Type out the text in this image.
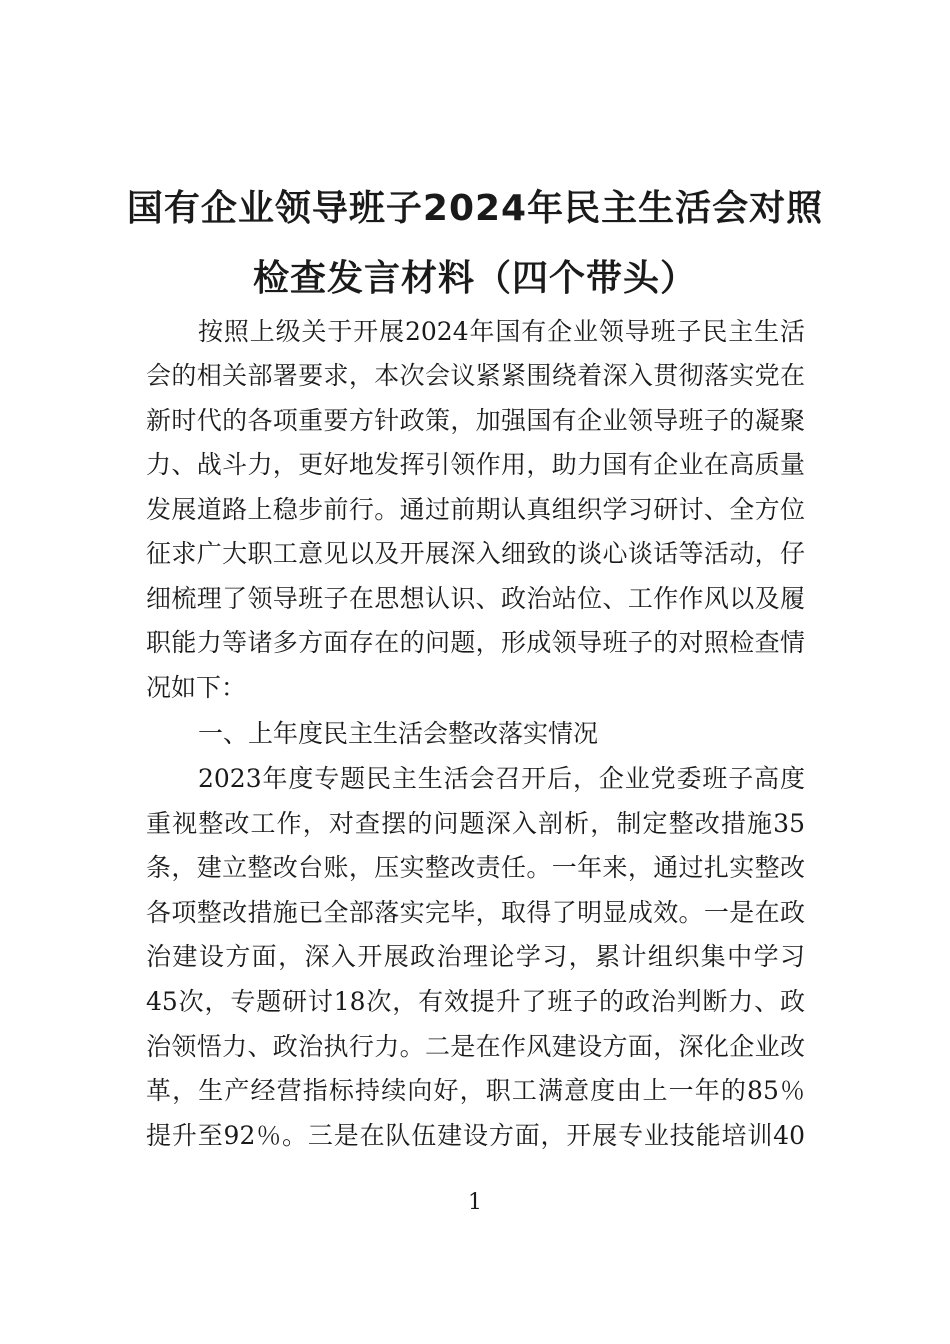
国有企业领导班子2024年民主生活会对照
检查发言材料（四个带头）
按照上级关于开展2024年国有企业领导班子民主生活
会的相关部署要求，本次会议紧紧围绕着深入贯彻落实党在
新时代的各项重要方针政策，加强国有企业领导班子的凝聚
力、战斗力，更好地发挥引领作用，助力国有企业在高质量
发展道路上稳步前行。通过前期认真组织学习研讨、全方位
征求广大职工意见以及开展深入细致的谈心谈话等活动，仔
细梳理了领导班子在思想认识、政治站位、工作作风以及履
职能力等诸多方面存在的问题，形成领导班子的对照检查情
况如下：
一、上年度民主生活会整改落实情况
2023年度专题民主生活会召开后，企业党委班子高度
重视整改工作，对查摆的问题深入剖析，制定整改措施35
条，建立整改台账，压实整改责任。一年来，通过扎实整改
各项整改措施已全部落实完毕，取得了明显成效。一是在政
治建设方面，深入开展政治理论学习，累计组织集中学习
45次，专题研讨18次，有效提升了班子的政治判断力、政
治领悟力、政治执行力。二是在作风建设方面，深化企业改
革，生产经营指标持续向好，职工满意度由上一年的85％
提升至92％。三是在队伍建设方面，开展专业技能培训40
1
